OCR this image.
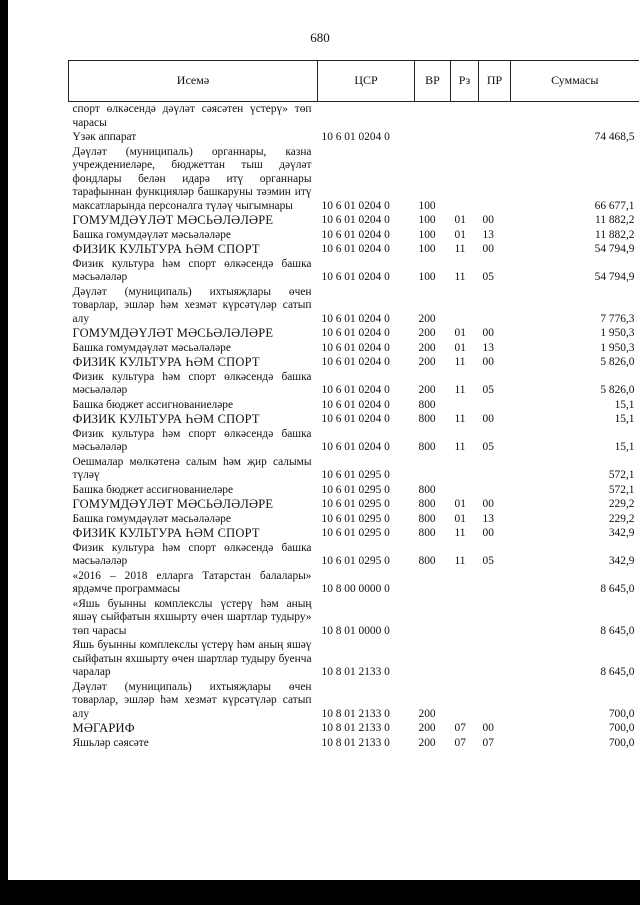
680
Исемә	ЦСР	ВР	Рз	ПР	Суммасы
спорт өлкәсендә дәүләт сәясәтен үстерү» төп чарасы					
Үзәк аппарат	10 6 01 0204 0				74 468,5
Дәүләт (муниципаль) органнары, казна учреждениеләре, бюджеттан тыш дәүләт фондлары белән идарә итү органнары тарафыннан функцияләр башкаруны тәэмин итү максатларында персоналга түләү чыгымнары	10 6 01 0204 0	100			66 677,1
ГОМУМДӘҮЛӘТ МӘСЬӘЛӘЛӘРЕ	10 6 01 0204 0	100	01	00	11 882,2
Башка гомумдәүләт мәсьәләләре	10 6 01 0204 0	100	01	13	11 882,2
ФИЗИК КУЛЬТУРА ҺӘМ СПОРТ	10 6 01 0204 0	100	11	00	54 794,9
Физик культура һәм спорт өлкәсендә башка мәсьәләләр	10 6 01 0204 0	100	11	05	54 794,9
Дәүләт (муниципаль) ихтыяҗлары өчен товарлар, эшләр һәм хезмәт күрсәтүләр сатып алу	10 6 01 0204 0	200			7 776,3
ГОМУМДӘҮЛӘТ МӘСЬӘЛӘЛӘРЕ	10 6 01 0204 0	200	01	00	1 950,3
Башка гомумдәүләт мәсьәләләре	10 6 01 0204 0	200	01	13	1 950,3
ФИЗИК КУЛЬТУРА ҺӘМ СПОРТ	10 6 01 0204 0	200	11	00	5 826,0
Физик культура һәм спорт өлкәсендә башка мәсьәләләр	10 6 01 0204 0	200	11	05	5 826,0
Башка бюджет ассигнованиеләре	10 6 01 0204 0	800			15,1
ФИЗИК КУЛЬТУРА ҺӘМ СПОРТ	10 6 01 0204 0	800	11	00	15,1
Физик культура һәм спорт өлкәсендә башка мәсьәләләр	10 6 01 0204 0	800	11	05	15,1
Оешмалар мөлкәтенә салым һәм җир салымы түләү	10 6 01 0295 0				572,1
Башка бюджет ассигнованиеләре	10 6 01 0295 0	800			572,1
ГОМУМДӘҮЛӘТ МӘСЬӘЛӘЛӘРЕ	10 6 01 0295 0	800	01	00	229,2
Башка гомумдәүләт мәсьәләләре	10 6 01 0295 0	800	01	13	229,2
ФИЗИК КУЛЬТУРА ҺӘМ СПОРТ	10 6 01 0295 0	800	11	00	342,9
Физик культура һәм спорт өлкәсендә башка мәсьәләләр	10 6 01 0295 0	800	11	05	342,9
«2016 – 2018 елларга Татарстан балалары» ярдәмче программасы	10 8 00 0000 0				8 645,0
«Яшь буынны комплекслы үстерү һәм аның яшәү сыйфатын яхшырту өчен шартлар тудыру» төп чарасы	10 8 01 0000 0				8 645,0
Яшь буынны комплекслы үстерү һәм аның яшәү сыйфатын яхшырту өчен шартлар тудыру буенча чаралар	10 8 01 2133 0				8 645,0
Дәүләт (муниципаль) ихтыяҗлары өчен товарлар, эшләр һәм хезмәт күрсәтүләр сатып алу	10 8 01 2133 0	200			700,0
МӘГАРИФ	10 8 01 2133 0	200	07	00	700,0
Яшьләр сәясәте	10 8 01 2133 0	200	07	07	700,0
